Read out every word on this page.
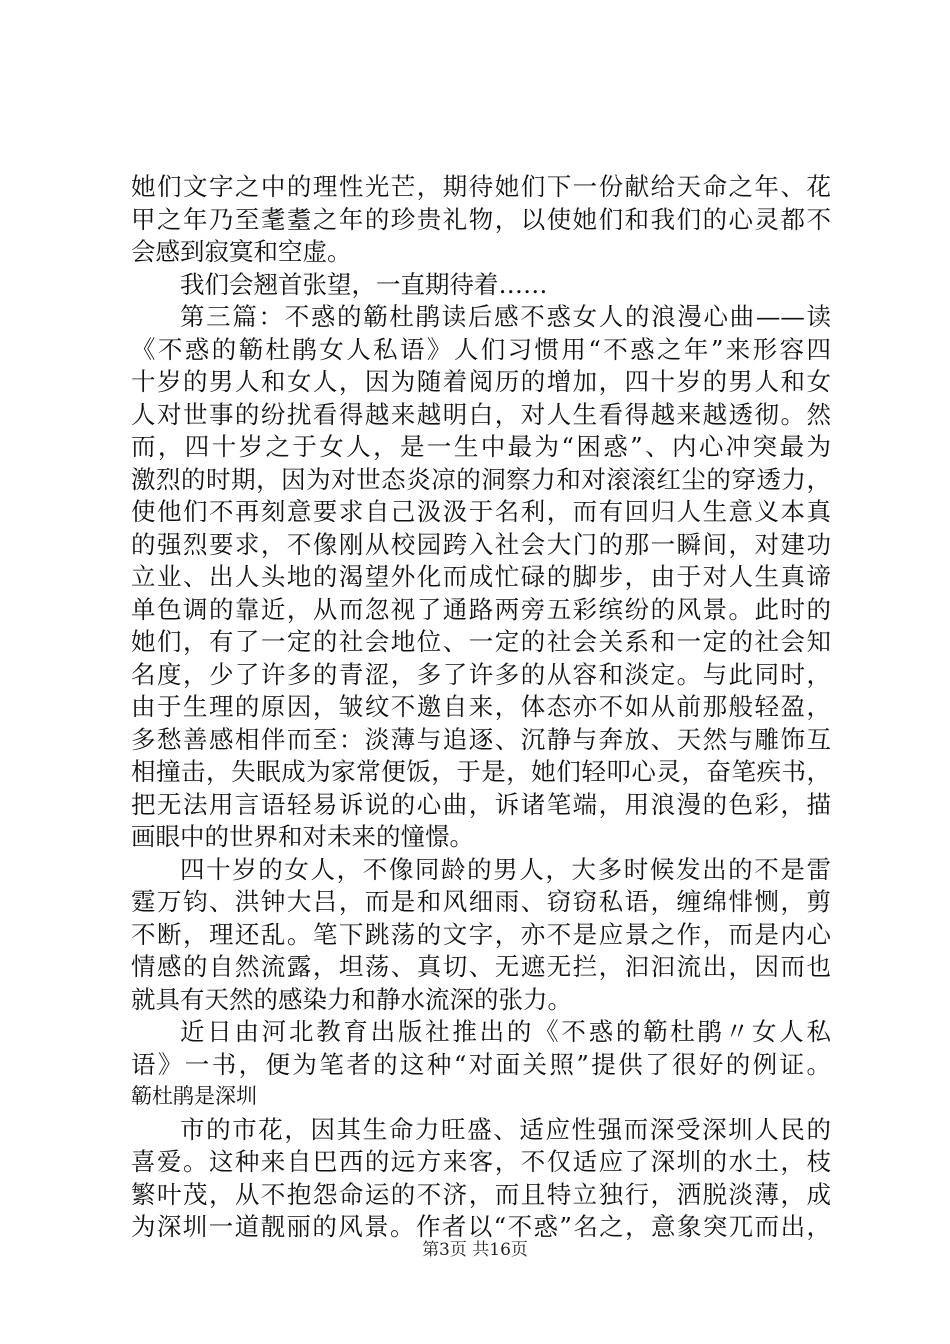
她们文字之中的理性光芒，期待她们下一份献给天命之年、花
甲之年乃至耄耋之年的珍贵礼物，以使她们和我们的心灵都不
会感到寂寞和空虚。
我们会翘首张望，一直期待着……
第三篇：不惑的簕杜鹃读后感不惑女人的浪漫心曲——读
《不惑的簕杜鹃女人私语》人们习惯用“不惑之年”来形容四
十岁的男人和女人，因为随着阅历的增加，四十岁的男人和女
人对世事的纷扰看得越来越明白，对人生看得越来越透彻。然
而，四十岁之于女人，是一生中最为“困惑”、内心冲突最为
激烈的时期，因为对世态炎凉的洞察力和对滚滚红尘的穿透力，
使他们不再刻意要求自己汲汲于名利，而有回归人生意义本真
的强烈要求，不像刚从校园跨入社会大门的那一瞬间，对建功
立业、出人头地的渴望外化而成忙碌的脚步，由于对人生真谛
单色调的靠近，从而忽视了通路两旁五彩缤纷的风景。此时的
她们，有了一定的社会地位、一定的社会关系和一定的社会知
名度，少了许多的青涩，多了许多的从容和淡定。与此同时，
由于生理的原因，皱纹不邀自来，体态亦不如从前那般轻盈，
多愁善感相伴而至：淡薄与追逐、沉静与奔放、天然与雕饰互
相撞击，失眠成为家常便饭，于是，她们轻叩心灵，奋笔疾书，
把无法用言语轻易诉说的心曲，诉诸笔端，用浪漫的色彩，描
画眼中的世界和对未来的憧憬。
四十岁的女人，不像同龄的男人，大多时候发出的不是雷
霆万钧、洪钟大吕，而是和风细雨、窃窃私语，缠绵悱恻，剪
不断，理还乱。笔下跳荡的文字，亦不是应景之作，而是内心
情感的自然流露，坦荡、真切、无遮无拦，汩汩流出，因而也
就具有天然的感染力和静水流深的张力。
近日由河北教育出版社推出的《不惑的簕杜鹃〃女人私
语》一书，便为笔者的这种“对面关照”提供了很好的例证。
簕杜鹃是深圳
市的市花，因其生命力旺盛、适应性强而深受深圳人民的
喜爱。这种来自巴西的远方来客，不仅适应了深圳的水土，枝
繁叶茂，从不抱怨命运的不济，而且特立独行，洒脱淡薄，成
为深圳一道靓丽的风景。作者以“不惑”名之，意象突兀而出，
第3页 共16页
